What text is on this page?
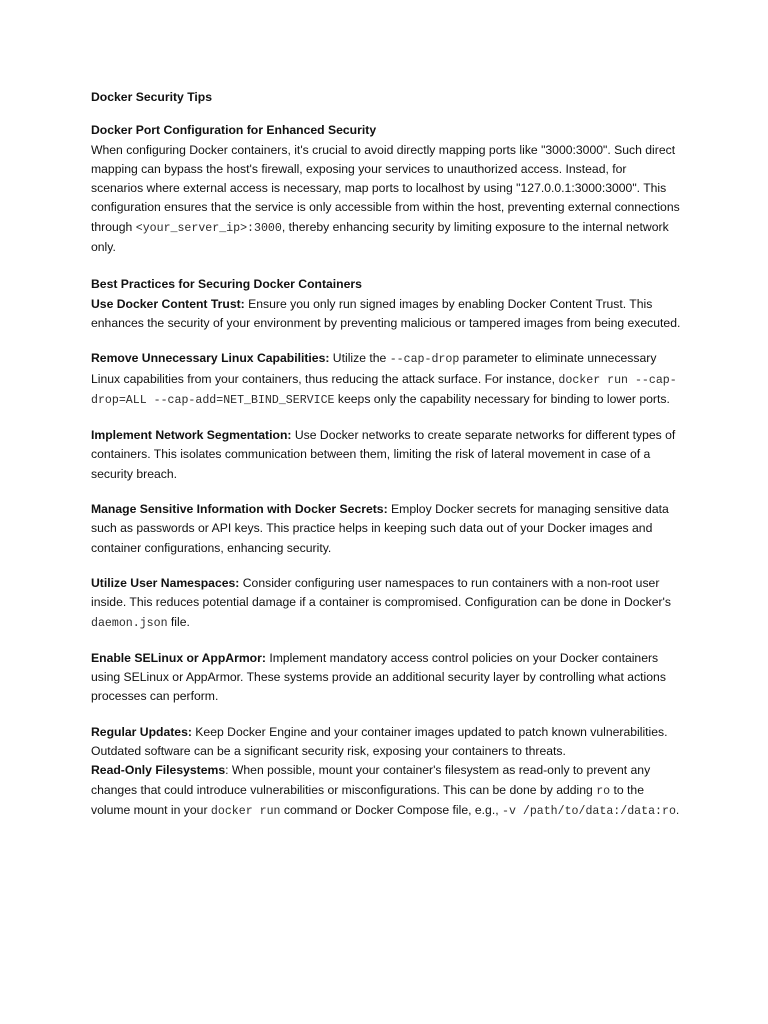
Docker Security Tips

Docker Port Configuration for Enhanced Security

When configuring Docker containers, it's crucial to avoid directly mapping ports like "3000:3000". Such direct mapping can bypass the host's firewall, exposing your services to unauthorized access. Instead, for scenarios where external access is necessary, map ports to localhost by using "127.0.0.1:3000:3000". This configuration ensures that the service is only accessible from within the host, preventing external connections through <your_server_ip>:3000, thereby enhancing security by limiting exposure to the internal network only.

Best Practices for Securing Docker Containers

Use Docker Content Trust: Ensure you only run signed images by enabling Docker Content Trust. This enhances the security of your environment by preventing malicious or tampered images from being executed.

Remove Unnecessary Linux Capabilities: Utilize the --cap-drop parameter to eliminate unnecessary Linux capabilities from your containers, thus reducing the attack surface. For instance, docker run --cap-drop=ALL --cap-add=NET_BIND_SERVICE keeps only the capability necessary for binding to lower ports.

Implement Network Segmentation: Use Docker networks to create separate networks for different types of containers. This isolates communication between them, limiting the risk of lateral movement in case of a security breach.

Manage Sensitive Information with Docker Secrets: Employ Docker secrets for managing sensitive data such as passwords or API keys. This practice helps in keeping such data out of your Docker images and container configurations, enhancing security.

Utilize User Namespaces: Consider configuring user namespaces to run containers with a non-root user inside. This reduces potential damage if a container is compromised. Configuration can be done in Docker's daemon.json file.

Enable SELinux or AppArmor: Implement mandatory access control policies on your Docker containers using SELinux or AppArmor. These systems provide an additional security layer by controlling what actions processes can perform.

Regular Updates: Keep Docker Engine and your container images updated to patch known vulnerabilities. Outdated software can be a significant security risk, exposing your containers to threats.

Read-Only Filesystems: When possible, mount your container's filesystem as read-only to prevent any changes that could introduce vulnerabilities or misconfigurations. This can be done by adding ro to the volume mount in your docker run command or Docker Compose file, e.g., -v /path/to/data:/data:ro.
